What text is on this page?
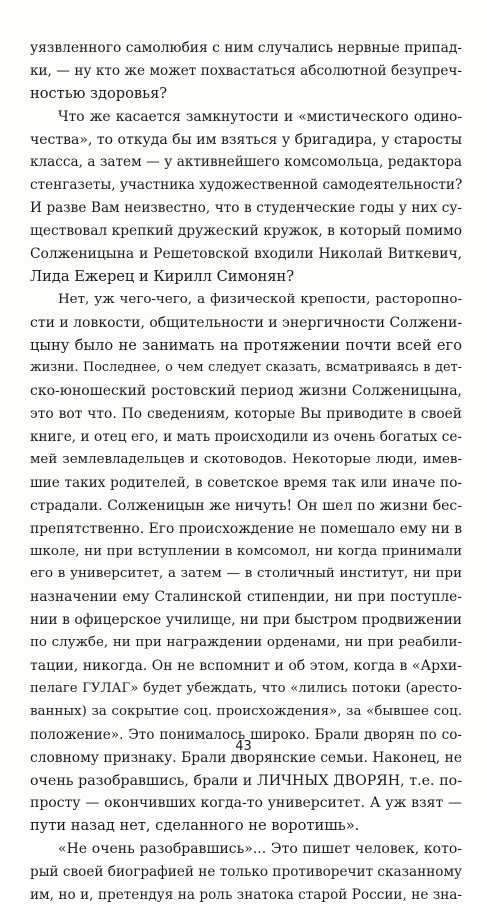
уязвленного самолюбия с ним случались нервные припад-
ки, — ну кто же может похвастаться абсолютной безупреч-
ностью здоровья?
Что же касается замкнутости и «мистического одино-
чества», то откуда бы им взяться у бригадира, у старосты
класса, а затем — у активнейшего комсомольца, редактора
стенгазеты, участника художественной самодеятельности?
И разве Вам неизвестно, что в студенческие годы у них су-
ществовал крепкий дружеский кружок, в который помимо
Солженицына и Решетовской входили Николай Виткевич,
Лида Ежерец и Кирилл Симонян?
Нет, уж чего-чего, а физической крепости, расторопно-
сти и ловкости, общительности и энергичности Солжени-
цыну было не занимать на протяжении почти всей его
жизни. Последнее, о чем следует сказать, всматриваясь в дет-
ско-юношеский ростовский период жизни Солженицына,
это вот что. По сведениям, которые Вы приводите в своей
книге, и отец его, и мать происходили из очень богатых се-
мей землевладельцев и скотоводов. Некоторые люди, имев-
шие таких родителей, в советское время так или иначе по-
страдали. Солженицын же ничуть! Он шел по жизни бес-
препятственно. Его происхождение не помешало ему ни в
школе, ни при вступлении в комсомол, ни когда принимали
его в университет, а затем — в столичный институт, ни при
назначении ему Сталинской стипендии, ни при поступле-
нии в офицерское училище, ни при быстром продвижении
по службе, ни при награждении орденами, ни при реабили-
тации, никогда. Он не вспомнит и об этом, когда в «Архи-
пелаге ГУЛАГ» будет убеждать, что «лились потоки (аресто-
ванных) за сокрытие соц. происхождения», за «бывшее соц.
положение». Это понималось широко. Брали дворян по со-
словному признаку. Брали дворянские семьи. Наконец, не
очень разобравшись, брали и ЛИЧНЫХ ДВОРЯН, т.е. по-
просту — окончивших когда-то университет. А уж взят —
пути назад нет, сделанного не воротишь».
«Не очень разобравшись»... Это пишет человек, кото-
рый своей биографией не только противоречит сказанному
им, но и, претендуя на роль знатока старой России, не зна-
43
